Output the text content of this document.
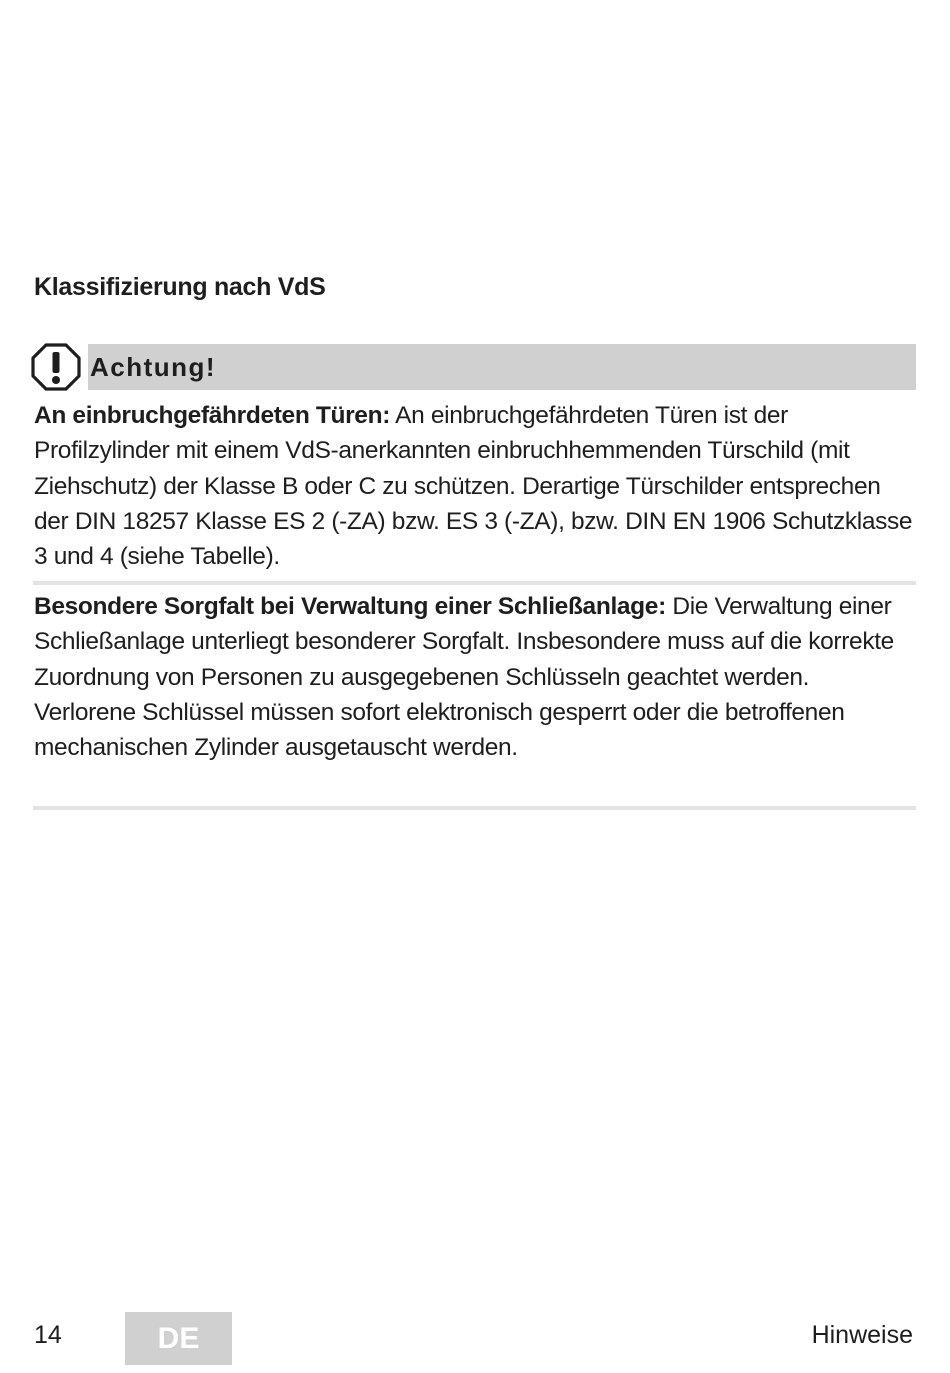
Klassifizierung nach VdS
Achtung!

An einbruchgefährdeten Türen: An einbruchgefährdeten Türen ist der Profilzylinder mit einem VdS-anerkannten einbruchhemmenden Türschild (mit Ziehschutz) der Klasse B oder C zu schützen. Derartige Türschilder entsprechen der DIN 18257 Klasse ES 2 (-ZA) bzw. ES 3 (-ZA), bzw. DIN EN 1906 Schutzklasse 3 und 4 (siehe Tabelle).

Besondere Sorgfalt bei Verwaltung einer Schließanlage: Die Verwaltung einer Schließanlage unterliegt besonderer Sorgfalt. Insbesondere muss auf die korrekte Zuordnung von Personen zu ausgegebenen Schlüsseln geachtet werden. Verlorene Schlüssel müssen sofort elektronisch gesperrt oder die betroffenen mechanischen Zylinder ausgetauscht werden.

14	DE	Hinweise
